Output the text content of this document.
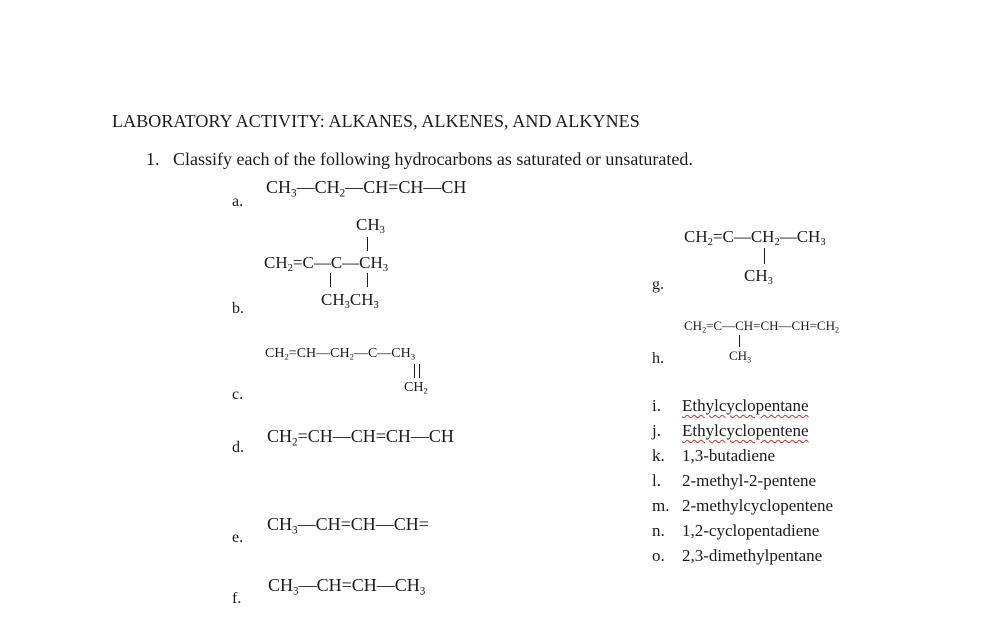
LABORATORY ACTIVITY: ALKANES, ALKENES, AND ALKYNES
1. Classify each of the following hydrocarbons as saturated or unsaturated.
a.
$CH_3—CH_2—CH=CH—CH$
b.
$CH_3$
$CH_2=C—C—CH_3$
$CH_3CH_3$
c.
$CH_2=CH—CH_2—C—CH_3$
$CH_2$
d.
$CH_2=CH—CH=CH—CH$
e.
$CH_3—CH=CH—CH=$
f.
$CH_3—CH=CH—CH_3$
g.
$CH_2=C—CH_2—CH_3$
$CH_3$
h.
$CH_2=C—CH=CH—CH=CH_2$
$CH_3$
i.	Ethylcyclopentane
j.	Ethylcyclopentene
k.	1,3-butadiene
l.	2-methyl-2-pentene
m. 2-methylcyclopentene
n.	1,2-cyclopentadiene
o.	2,3-dimethylpentane
